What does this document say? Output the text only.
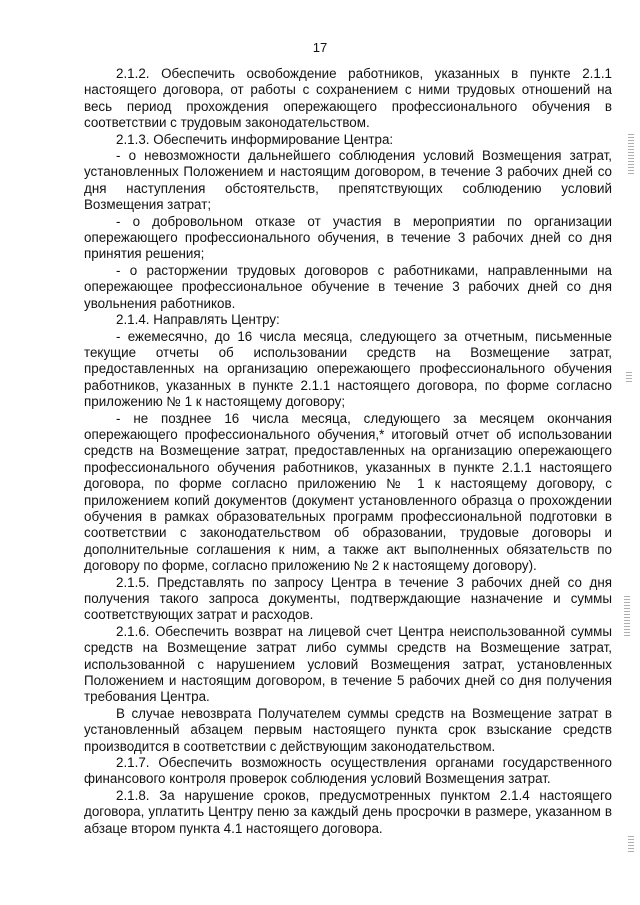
17

2.1.2. Обеспечить освобождение работников, указанных в пункте 2.1.1 настоящего договора, от работы с сохранением с ними трудовых отношений на весь период прохождения опережающего профессионального обучения в соответствии с трудовым законодательством.

2.1.3. Обеспечить информирование Центра:

- о невозможности дальнейшего соблюдения условий Возмещения затрат, установленных Положением и настоящим договором, в течение 3 рабочих дней со дня наступления обстоятельств, препятствующих соблюдению условий Возмещения затрат;

- о добровольном отказе от участия в мероприятии по организации опережающего профессионального обучения, в течение 3 рабочих дней со дня принятия решения;

- о расторжении трудовых договоров с работниками, направленными на опережающее профессиональное обучение в течение 3 рабочих дней со дня увольнения работников.

2.1.4. Направлять Центру:

- ежемесячно, до 16 числа месяца, следующего за отчетным, письменные текущие отчеты об использовании средств на Возмещение затрат, предоставленных на организацию опережающего профессионального обучения работников, указанных в пункте 2.1.1 настоящего договора, по форме согласно приложению № 1 к настоящему договору;

- не позднее 16 числа месяца, следующего за месяцем окончания опережающего профессионального обучения,* итоговый отчет об использовании средств на Возмещение затрат, предоставленных на организацию опережающего профессионального обучения работников, указанных в пункте 2.1.1 настоящего договора, по форме согласно приложению № 1 к настоящему договору, с приложением копий документов (документ установленного образца о прохождении обучения в рамках образовательных программ профессиональной подготовки в соответствии с законодательством об образовании, трудовые договоры и дополнительные соглашения к ним, а также акт выполненных обязательств по договору по форме, согласно приложению № 2 к настоящему договору).

2.1.5. Представлять по запросу Центра в течение 3 рабочих дней со дня получения такого запроса документы, подтверждающие назначение и суммы соответствующих затрат и расходов.

2.1.6. Обеспечить возврат на лицевой счет Центра неиспользованной суммы средств на Возмещение затрат либо суммы средств на Возмещение затрат, использованной с нарушением условий Возмещения затрат, установленных Положением и настоящим договором, в течение 5 рабочих дней со дня получения требования Центра.

В случае невозврата Получателем суммы средств на Возмещение затрат в установленный абзацем первым настоящего пункта срок взыскание средств производится в соответствии с действующим законодательством.

2.1.7. Обеспечить возможность осуществления органами государственного финансового контроля проверок соблюдения условий Возмещения затрат.

2.1.8. За нарушение сроков, предусмотренных пунктом 2.1.4 настоящего договора, уплатить Центру пеню за каждый день просрочки в размере, указанном в абзаце втором пункта 4.1 настоящего договора.
